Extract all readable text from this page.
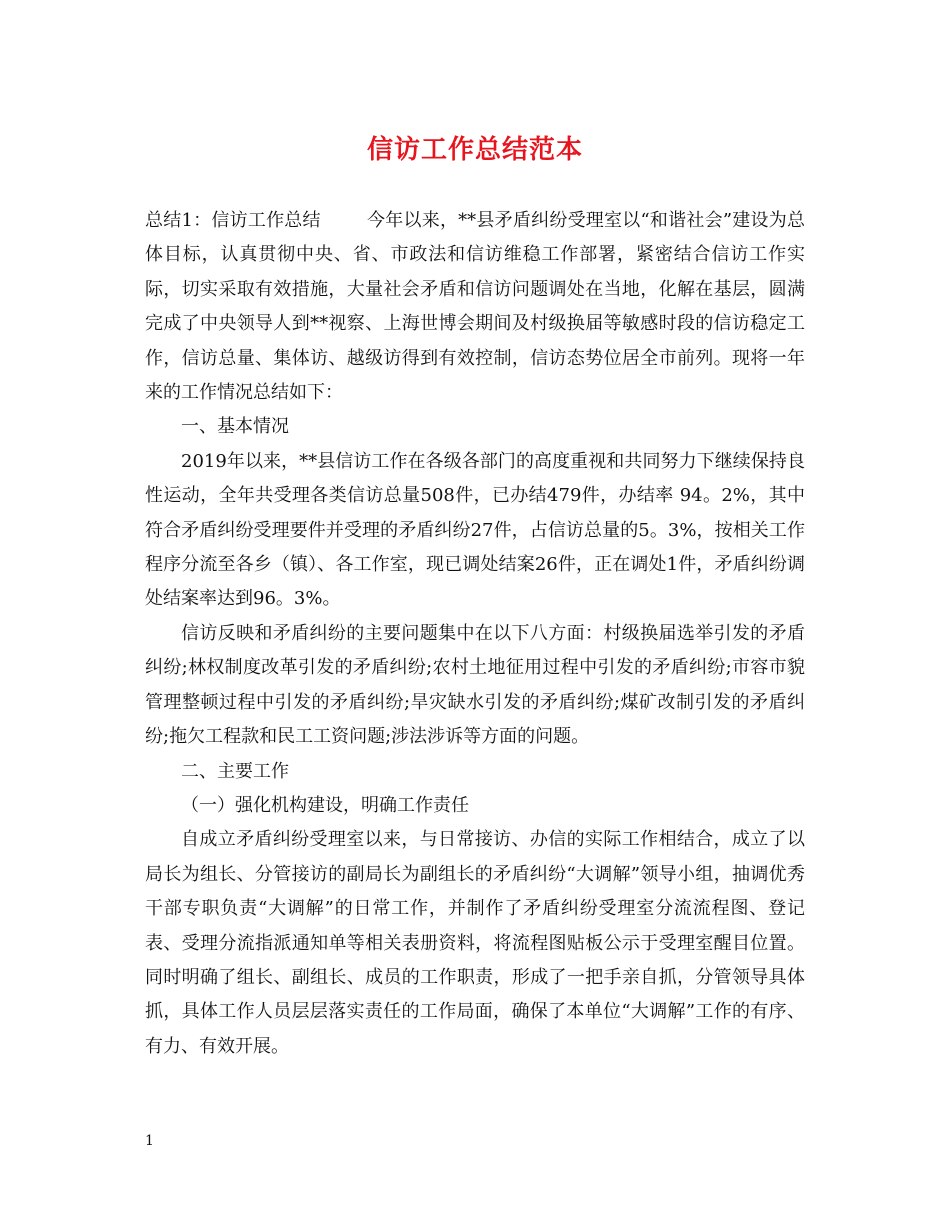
信访工作总结范本

总结1：信访工作总结	今年以来，**县矛盾纠纷受理室以“和谐社会”建设为总体目标，认真贯彻中央、省、市政法和信访维稳工作部署，紧密结合信访工作实际，切实采取有效措施，大量社会矛盾和信访问题调处在当地，化解在基层，圆满完成了中央领导人到**视察、上海世博会期间及村级换届等敏感时段的信访稳定工作，信访总量、集体访、越级访得到有效控制，信访态势位居全市前列。现将一年来的工作情况总结如下：

一、基本情况

2019年以来，**县信访工作在各级各部门的高度重视和共同努力下继续保持良性运动，全年共受理各类信访总量508件，已办结479件，办结率 94。2%，其中符合矛盾纠纷受理要件并受理的矛盾纠纷27件，占信访总量的5。3%，按相关工作程序分流至各乡（镇）、各工作室，现已调处结案26件，正在调处1件，矛盾纠纷调处结案率达到96。3%。

信访反映和矛盾纠纷的主要问题集中在以下八方面：村级换届选举引发的矛盾纠纷;林权制度改革引发的矛盾纠纷;农村土地征用过程中引发的矛盾纠纷;市容市貌管理整顿过程中引发的矛盾纠纷;旱灾缺水引发的矛盾纠纷;煤矿改制引发的矛盾纠纷;拖欠工程款和民工工资问题;涉法涉诉等方面的问题。

二、主要工作

（一）强化机构建设，明确工作责任

自成立矛盾纠纷受理室以来，与日常接访、办信的实际工作相结合，成立了以局长为组长、分管接访的副局长为副组长的矛盾纠纷“大调解”领导小组，抽调优秀干部专职负责“大调解”的日常工作，并制作了矛盾纠纷受理室分流流程图、登记表、受理分流指派通知单等相关表册资料，将流程图贴板公示于受理室醒目位置。同时明确了组长、副组长、成员的工作职责，形成了一把手亲自抓，分管领导具体抓，具体工作人员层层落实责任的工作局面，确保了本单位“大调解”工作的有序、有力、有效开展。

1
